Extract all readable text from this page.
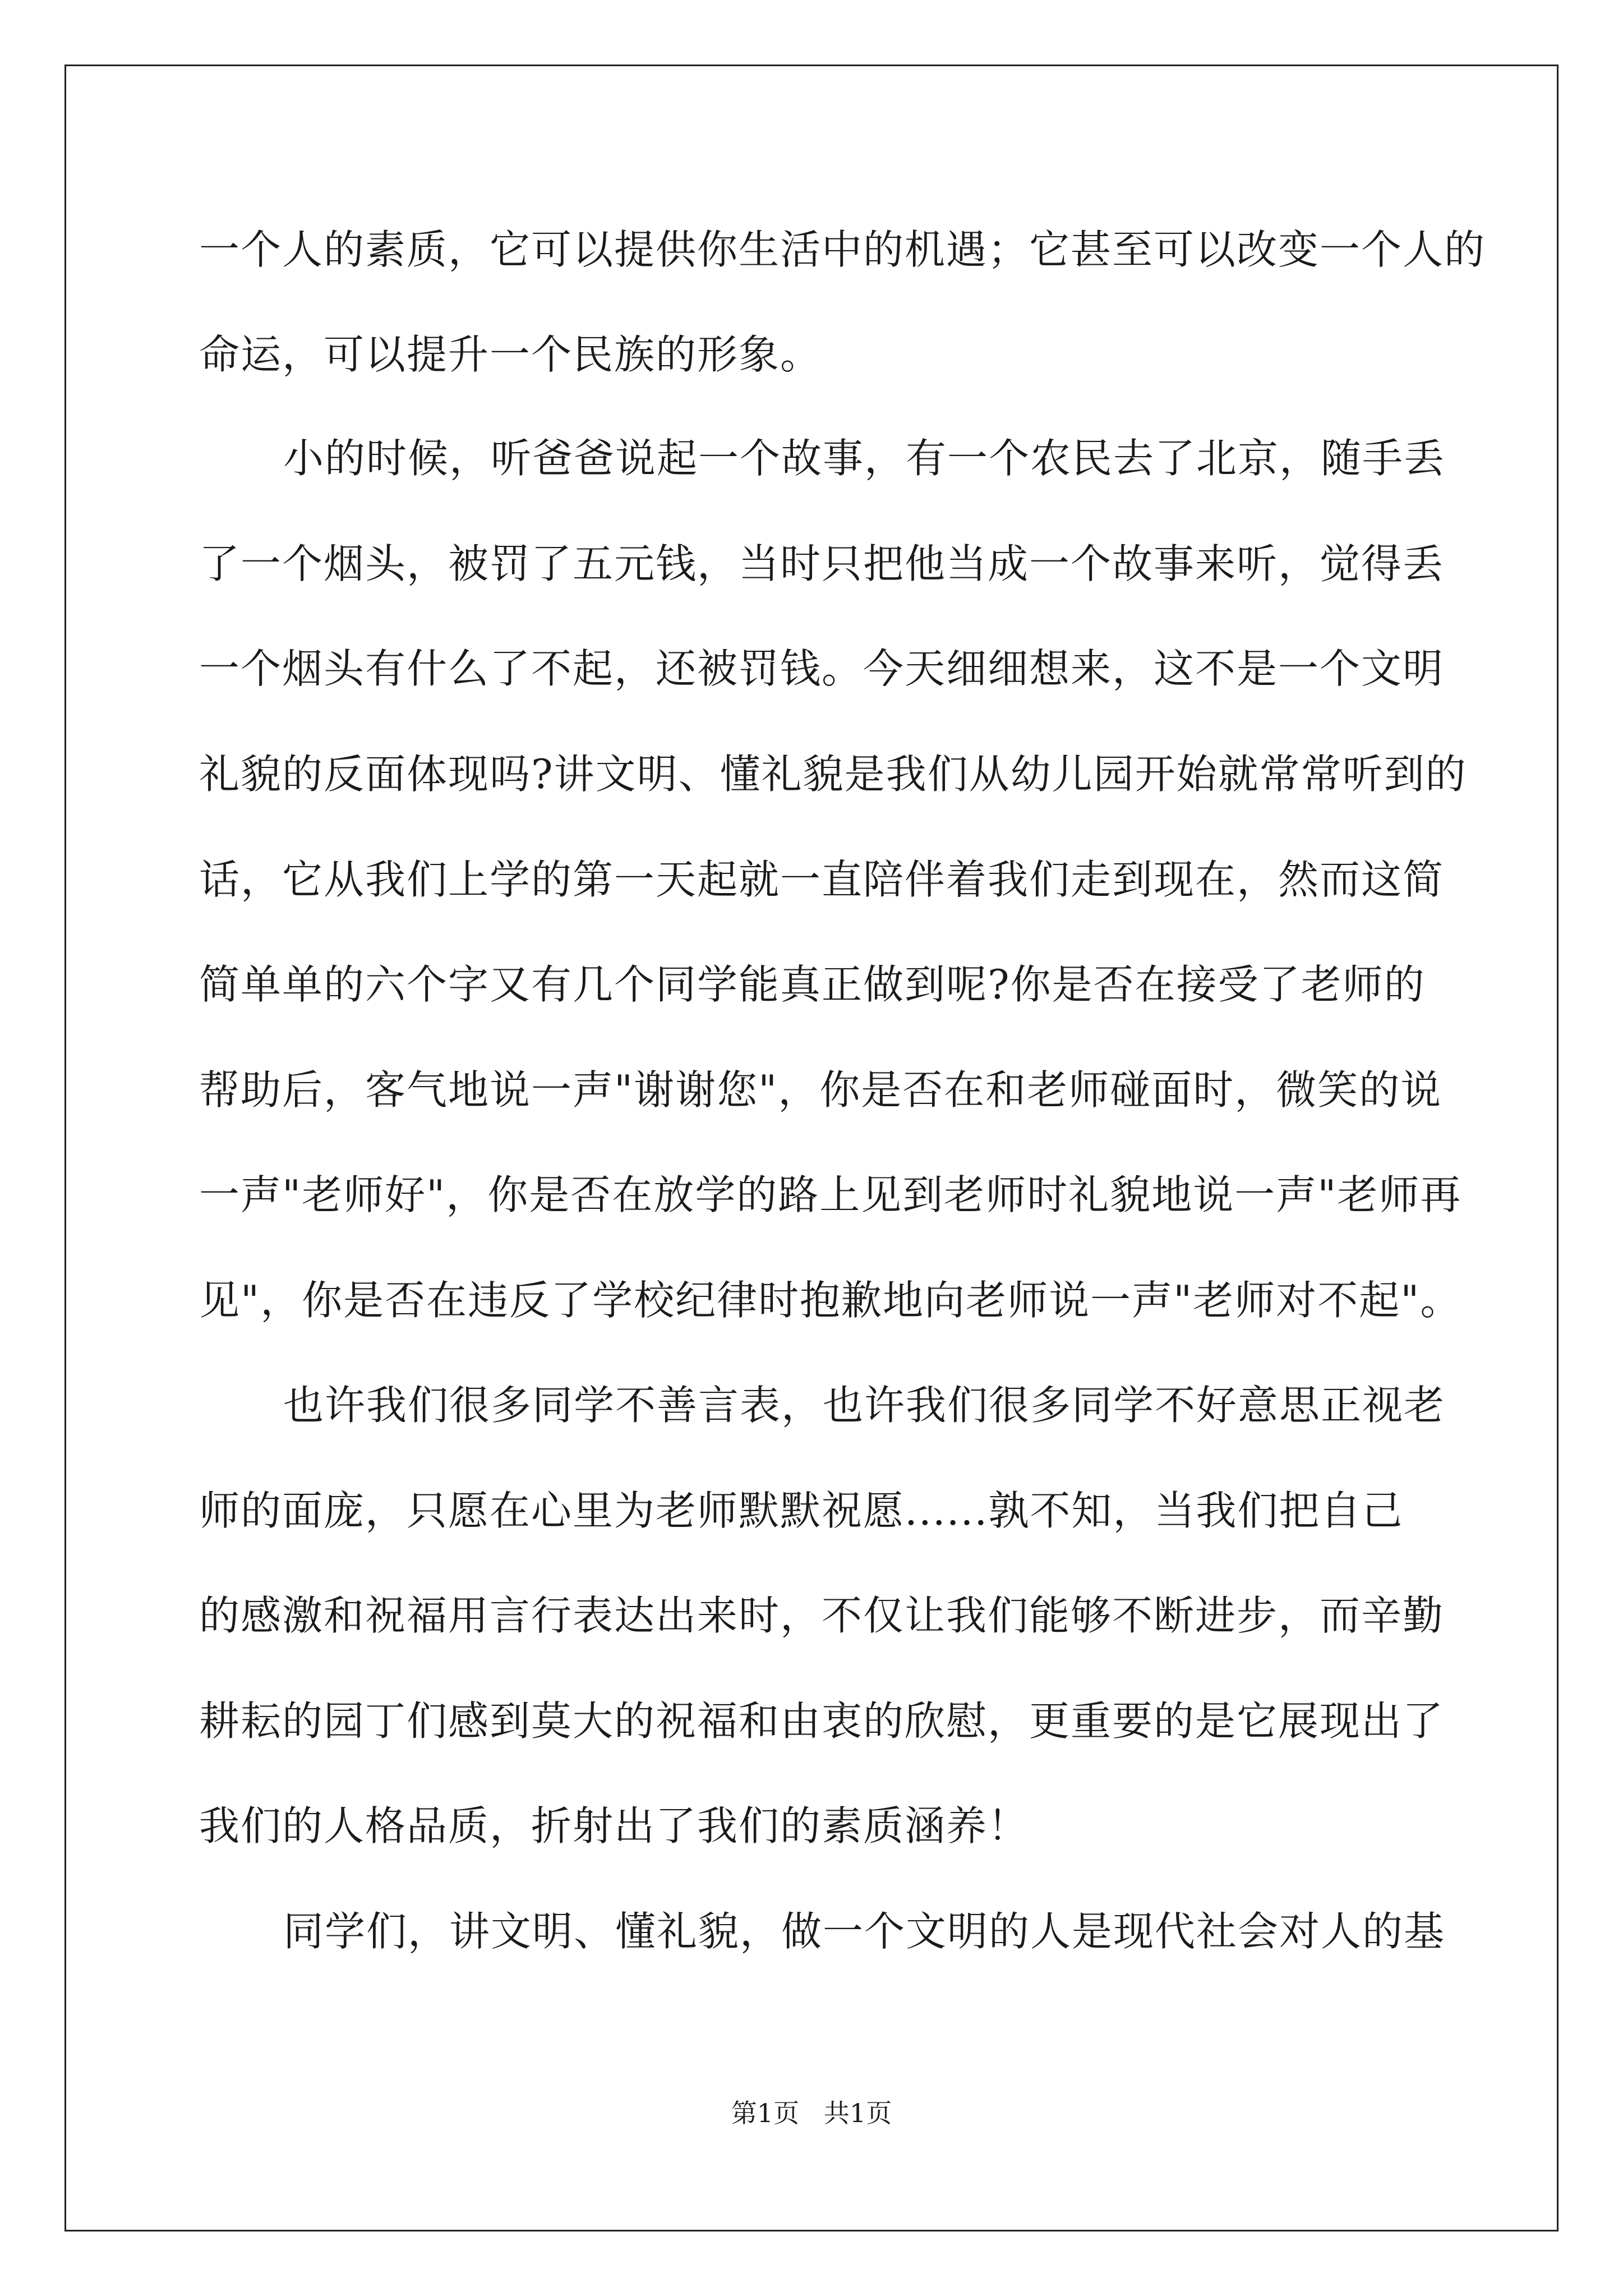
一个人的素质，它可以提供你生活中的机遇；它甚至可以改变一个人的
命运，可以提升一个民族的形象。
小的时候，听爸爸说起一个故事，有一个农民去了北京，随手丢
了一个烟头，被罚了五元钱，当时只把他当成一个故事来听，觉得丢
一个烟头有什么了不起，还被罚钱。今天细细想来，这不是一个文明
礼貌的反面体现吗?讲文明、懂礼貌是我们从幼儿园开始就常常听到的
话，它从我们上学的第一天起就一直陪伴着我们走到现在，然而这简
简单单的六个字又有几个同学能真正做到呢?你是否在接受了老师的
帮助后，客气地说一声"谢谢您"，你是否在和老师碰面时，微笑的说
一声"老师好"，你是否在放学的路上见到老师时礼貌地说一声"老师再
见"，你是否在违反了学校纪律时抱歉地向老师说一声"老师对不起"。
也许我们很多同学不善言表，也许我们很多同学不好意思正视老
师的面庞，只愿在心里为老师默默祝愿......孰不知，当我们把自己
的感激和祝福用言行表达出来时，不仅让我们能够不断进步，而辛勤
耕耘的园丁们感到莫大的祝福和由衷的欣慰，更重要的是它展现出了
我们的人格品质，折射出了我们的素质涵养！
同学们，讲文明、懂礼貌，做一个文明的人是现代社会对人的基
第1页   共1页
